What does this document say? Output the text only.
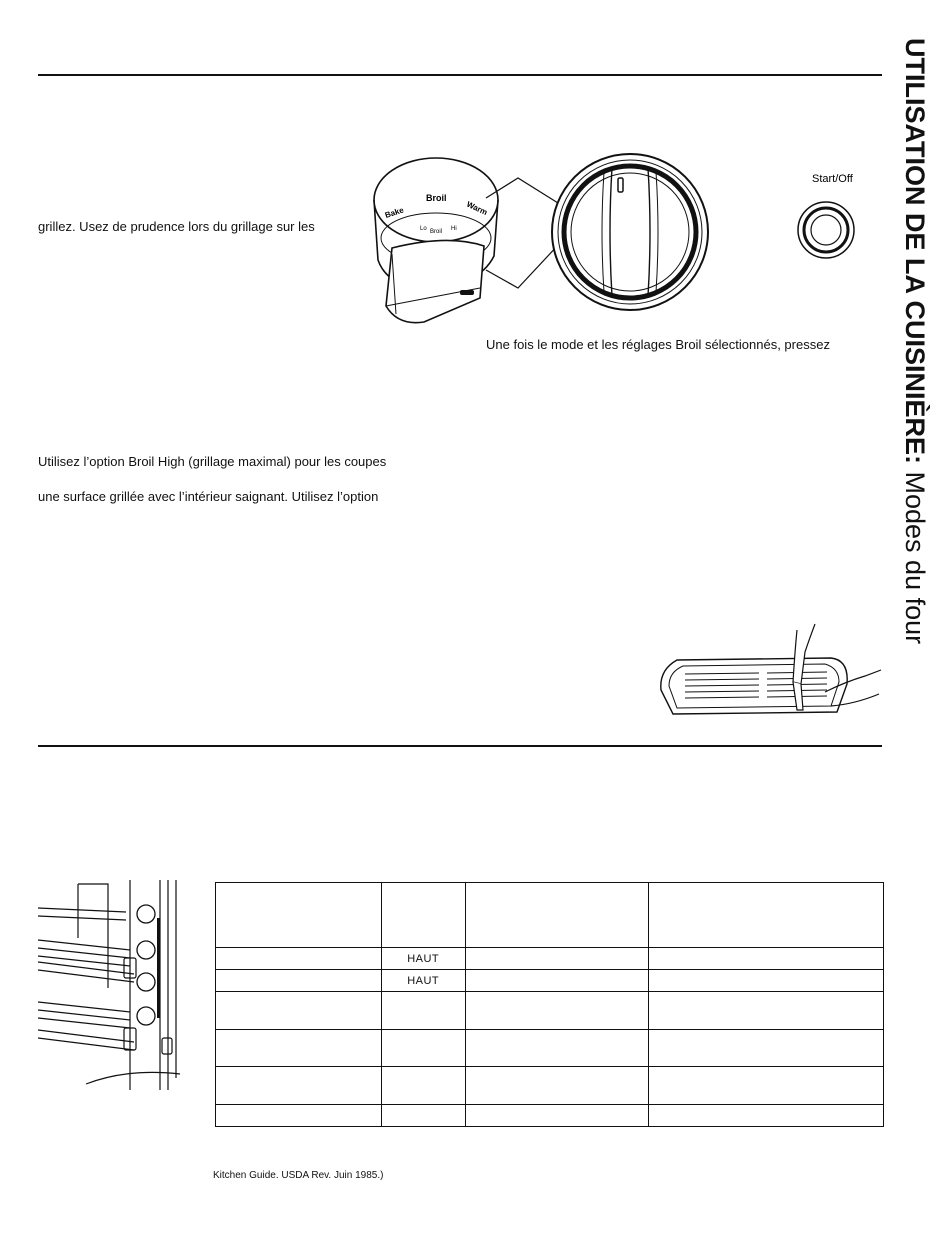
UTILISATION DE LA CUISINIÈRE: Modes du four
grillez. Usez de prudence lors du grillage sur les
Bake
Broil
Warm
Lo Broil Hi
Start/Off
Une fois le mode et les réglages Broil sélectionnés, pressez
Utilisez l’option Broil High (grillage maximal) pour les coupes
une surface grillée avec l’intérieur saignant. Utilisez l’option

	HAUT		
	HAUT		

Kitchen Guide. USDA Rev. Juin 1985.)
